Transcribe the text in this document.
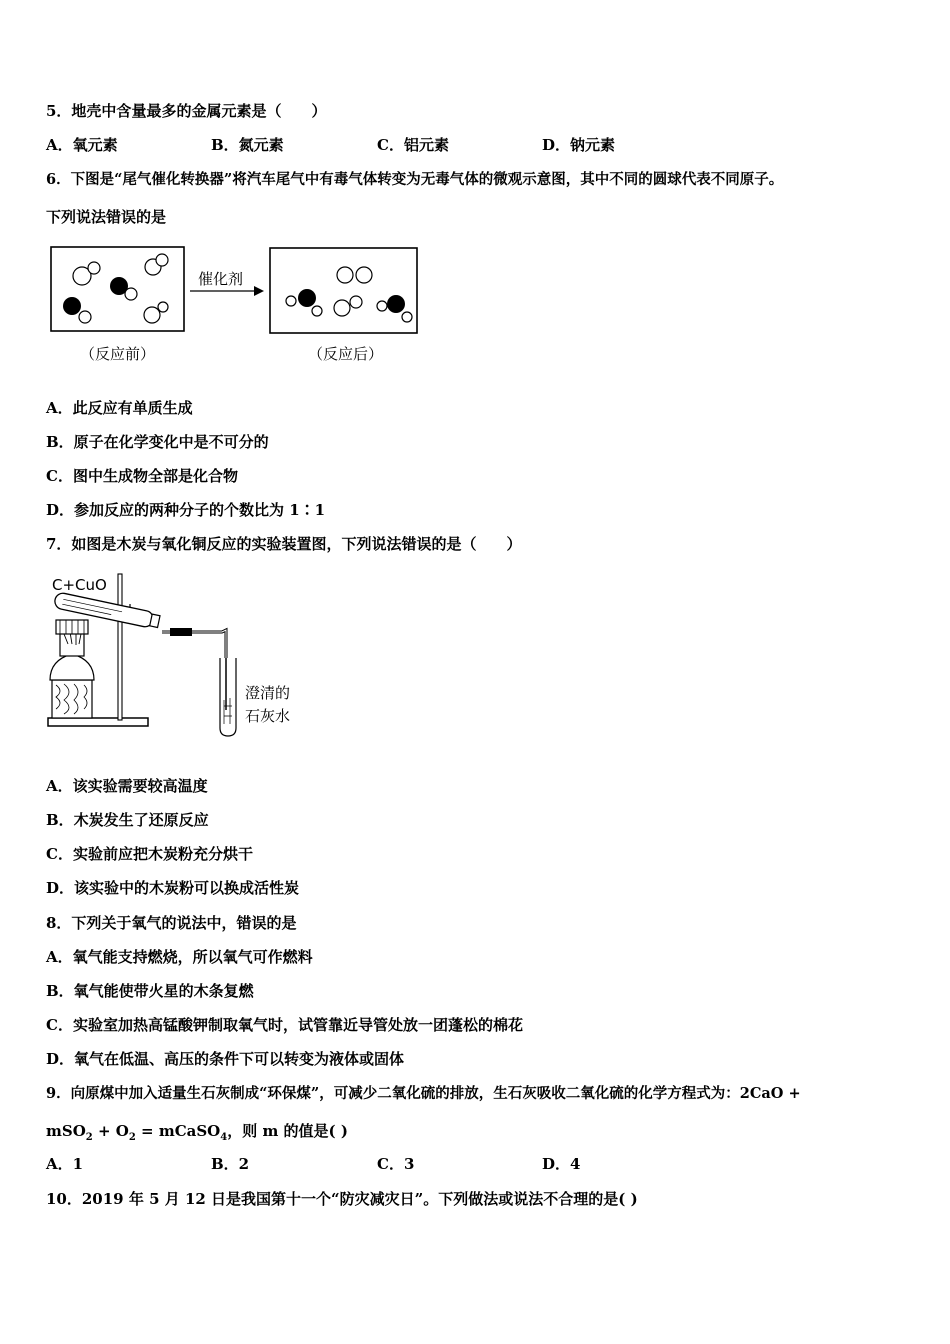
5．地壳中含量最多的金属元素是（　　）
A．氧元素	B．氮元素	C．铝元素	D．钠元素
6．下图是“尾气催化转换器”将汽车尾气中有毒气体转变为无毒气体的微观示意图，其中不同的圆球代表不同原子。
下列说法错误的是
催化剂
（反应前）	（反应后）
A．此反应有单质生成
B．原子在化学变化中是不可分的
C．图中生成物全部是化合物
D．参加反应的两种分子的个数比为 1∶1
7．如图是木炭与氧化铜反应的实验装置图，下列说法错误的是（　　）
C+CuO
澄清的
石灰水
A．该实验需要较高温度
B．木炭发生了还原反应
C．实验前应把木炭粉充分烘干
D．该实验中的木炭粉可以换成活性炭
8．下列关于氧气的说法中，错误的是
A．氧气能支持燃烧，所以氧气可作燃料
B．氧气能使带火星的木条复燃
C．实验室加热高锰酸钾制取氧气时，试管靠近导管处放一团蓬松的棉花
D．氧气在低温、高压的条件下可以转变为液体或固体
9．向原煤中加入适量生石灰制成“环保煤”，可减少二氧化硫的排放，生石灰吸收二氧化硫的化学方程式为：2CaO +
$mSO_2 + O_2$ = mCaSO$_4$，则 m 的值是( )
A．1	B．2	C．3	D．4
10．2019 年 5 月 12 日是我国第十一个“防灾减灾日”。下列做法或说法不合理的是( )
